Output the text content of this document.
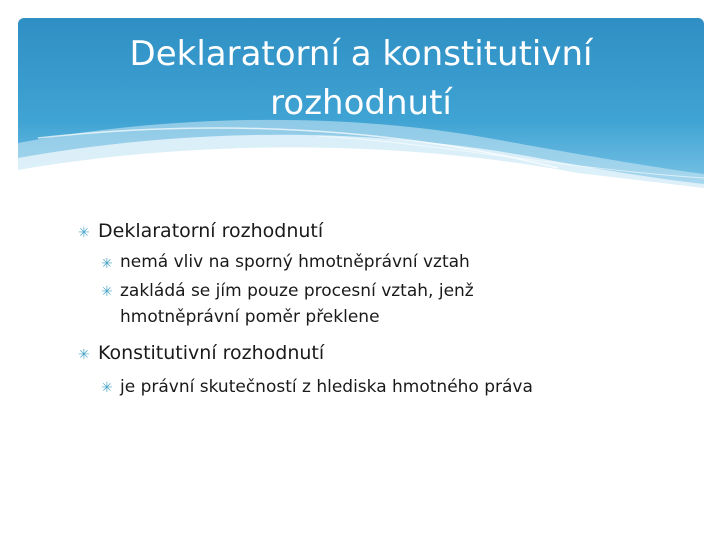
Deklaratorní a konstitutivní
rozhodnutí
✳ Deklaratorní rozhodnutí
✳ nemá vliv na sporný hmotněprávní vztah
✳ zakládá se jím pouze procesní vztah, jenž hmotněprávní poměr překlene
✳ Konstitutivní rozhodnutí
✳ je právní skutečností z hlediska hmotného práva
